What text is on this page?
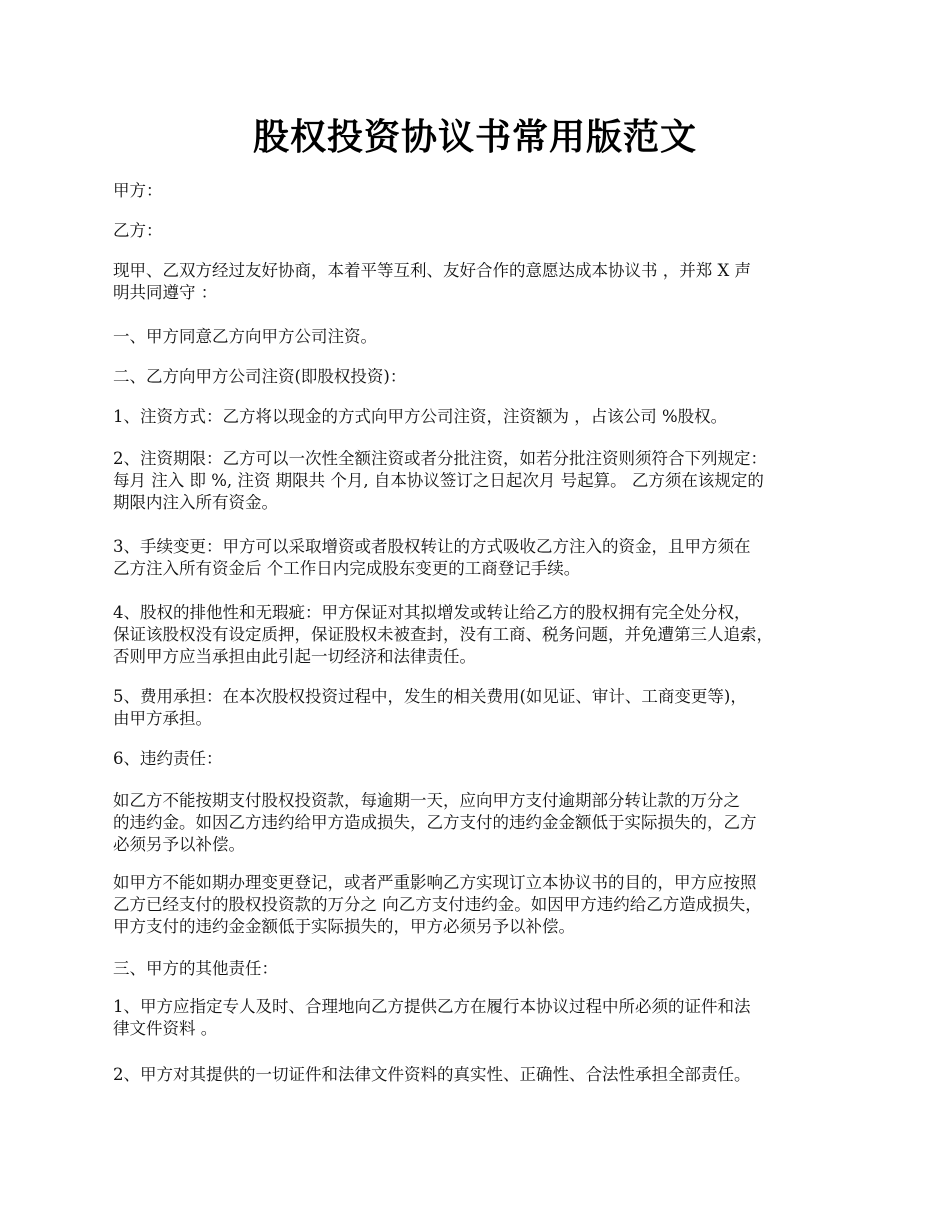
股权投资协议书常用版范文
甲方：
乙方：
现甲、乙双方经过友好协商，本着平等互利、友好合作的意愿达成本协议书 ，并郑 X 声
明共同遵守 ：
一、甲方同意乙方向甲方公司注资。
二、乙方向甲方公司注资(即股权投资)：
1、注资方式：乙方将以现金的方式向甲方公司注资，注资额为 ，占该公司 %股权。
2、注资期限：乙方可以一次性全额注资或者分批注资，如若分批注资则须符合下列规定：
每月 注入 即 %, 注资 期限共 个月, 自本协议签订之日起次月 号起算。 乙方须在该规定的
期限内注入所有资金。
3、手续变更：甲方可以采取增资或者股权转让的方式吸收乙方注入的资金，且甲方须在
乙方注入所有资金后 个工作日内完成股东变更的工商登记手续。
4、股权的排他性和无瑕疵：甲方保证对其拟增发或转让给乙方的股权拥有完全处分权，
保证该股权没有设定质押，保证股权未被查封，没有工商、税务问题，并免遭第三人追索，
否则甲方应当承担由此引起一切经济和法律责任。
5、费用承担：在本次股权投资过程中，发生的相关费用(如见证、审计、工商变更等)，
由甲方承担。
6、违约责任：
如乙方不能按期支付股权投资款，每逾期一天，应向甲方支付逾期部分转让款的万分之
的违约金。如因乙方违约给甲方造成损失，乙方支付的违约金金额低于实际损失的，乙方
必须另予以补偿。
如甲方不能如期办理变更登记，或者严重影响乙方实现订立本协议书的目的，甲方应按照
乙方已经支付的股权投资款的万分之 向乙方支付违约金。如因甲方违约给乙方造成损失，
甲方支付的违约金金额低于实际损失的，甲方必须另予以补偿。
三、甲方的其他责任：
1、甲方应指定专人及时、合理地向乙方提供乙方在履行本协议过程中所必须的证件和法
律文件资料 。
2、甲方对其提供的一切证件和法律文件资料的真实性、正确性、合法性承担全部责任。
